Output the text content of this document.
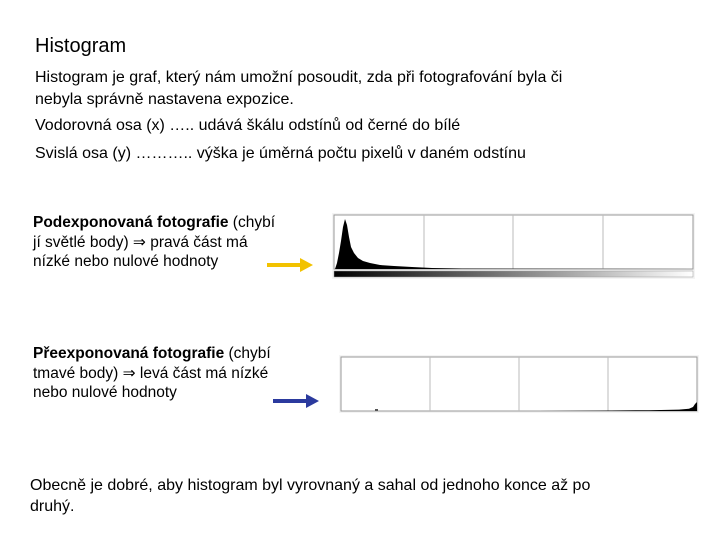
Histogram
Histogram je graf, který nám umožní posoudit, zda při fotografování byla či
nebyla správně nastavena expozice.
Vodorovná osa (x) ….. udává škálu odstínů od černé do bílé
Svislá osa (y) ……….. výška je úměrná počtu pixelů v daném odstínu
Podexponovaná fotografie (chybí
jí světlé body) ⇒ pravá část má
nízké nebo nulové hodnoty
Přeexponovaná fotografie (chybí
tmavé body) ⇒ levá část má nízké
nebo nulové hodnoty
Obecně je dobré, aby histogram byl vyrovnaný a sahal od jednoho konce až po
druhý.
